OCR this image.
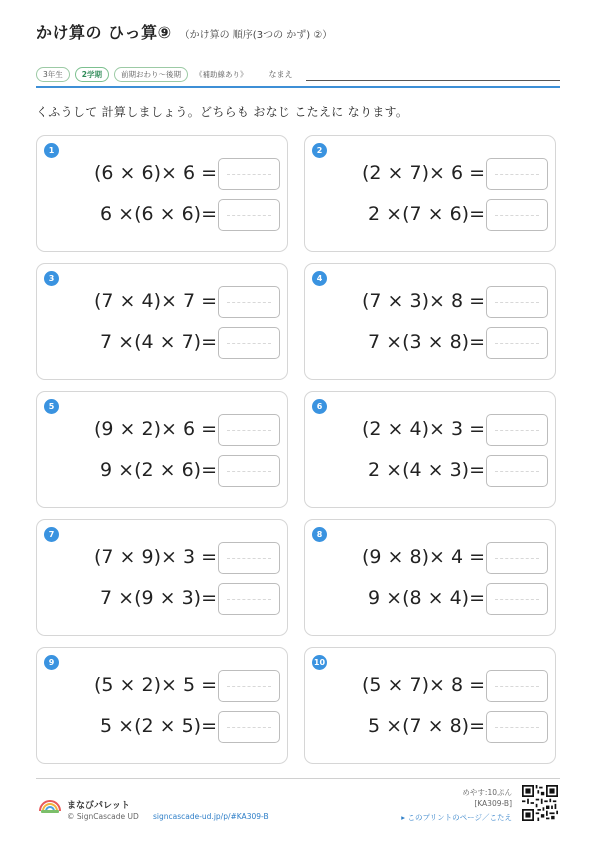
かけ算の ひっ算⑨ （かけ算の 順序(3つの かず) ②）
3年生	2学期	前期おわり～後期	《補助線あり》	なまえ
くふうして 計算しましょう。どちらも おなじ こたえに なります。
1
(6 × 6)× 6 =
6 ×(6 × 6)=
2
(2 × 7)× 6 =
2 ×(7 × 6)=
3
(7 × 4)× 7 =
7 ×(4 × 7)=
4
(7 × 3)× 8 =
7 ×(3 × 8)=
5
(9 × 2)× 6 =
9 ×(2 × 6)=
6
(2 × 4)× 3 =
2 ×(4 × 3)=
7
(7 × 9)× 3 =
7 ×(9 × 3)=
8
(9 × 8)× 4 =
9 ×(8 × 4)=
9
(5 × 2)× 5 =
5 ×(2 × 5)=
10
(5 × 7)× 8 =
5 ×(7 × 8)=
まなびパレット
© SignCascade UD signcascade-ud.jp/p/#KA309-B
めやす:10ぷん
[KA309-B]
▸ このプリントのページ／こたえ
